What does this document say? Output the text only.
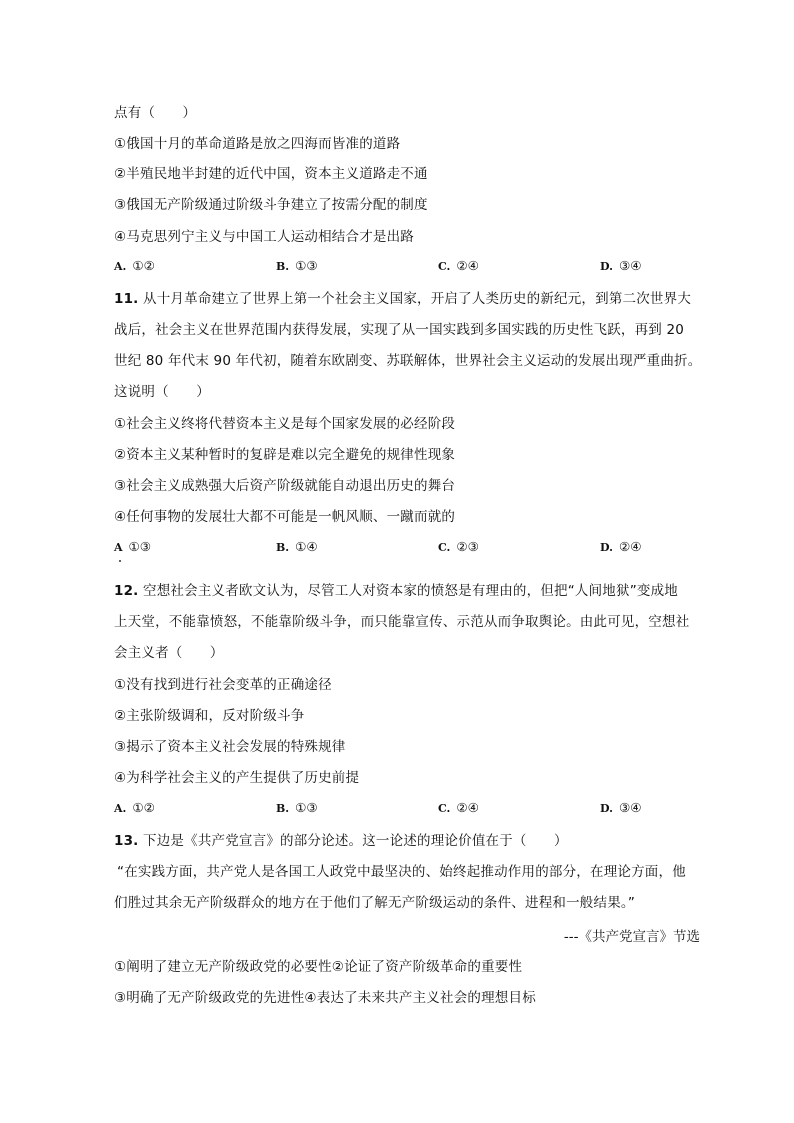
点有（　　）
①俄国十月的革命道路是放之四海而皆准的道路
②半殖民地半封建的近代中国，资本主义道路走不通
③俄国无产阶级通过阶级斗争建立了按需分配的制度
④马克思列宁主义与中国工人运动相结合才是出路
A. ①②	B. ①③	C. ②④	D. ③④
11. 从十月革命建立了世界上第一个社会主义国家，开启了人类历史的新纪元，到第二次世界大
战后，社会主义在世界范围内获得发展，实现了从一国实践到多国实践的历史性飞跃，再到 20
世纪 80 年代末 90 年代初，随着东欧剧变、苏联解体，世界社会主义运动的发展出现严重曲折。
这说明（　　）
①社会主义终将代替资本主义是每个国家发展的必经阶段
②资本主义某种暂时的复辟是难以完全避免的规律性现象
③社会主义成熟强大后资产阶级就能自动退出历史的舞台
④任何事物的发展壮大都不可能是一帆风顺、一蹴而就的
A ①③	B. ①④	C. ②③	D. ②④
12. 空想社会主义者欧文认为，尽管工人对资本家的愤怒是有理由的，但把“人间地狱”变成地
上天堂，不能靠愤怒，不能靠阶级斗争，而只能靠宣传、示范从而争取舆论。由此可见，空想社
会主义者（　　）
①没有找到进行社会变革的正确途径
②主张阶级调和，反对阶级斗争
③揭示了资本主义社会发展的特殊规律
④为科学社会主义的产生提供了历史前提
A. ①②	B. ①③	C. ②④	D. ③④
13. 下边是《共产党宣言》的部分论述。这一论述的理论价值在于（　　）
“在实践方面，共产党人是各国工人政党中最坚决的、始终起推动作用的部分，在理论方面，他
们胜过其余无产阶级群众的地方在于他们了解无产阶级运动的条件、进程和一般结果。”
---《共产党宣言》节选
①阐明了建立无产阶级政党的必要性②论证了资产阶级革命的重要性
③明确了无产阶级政党的先进性④表达了未来共产主义社会的理想目标
